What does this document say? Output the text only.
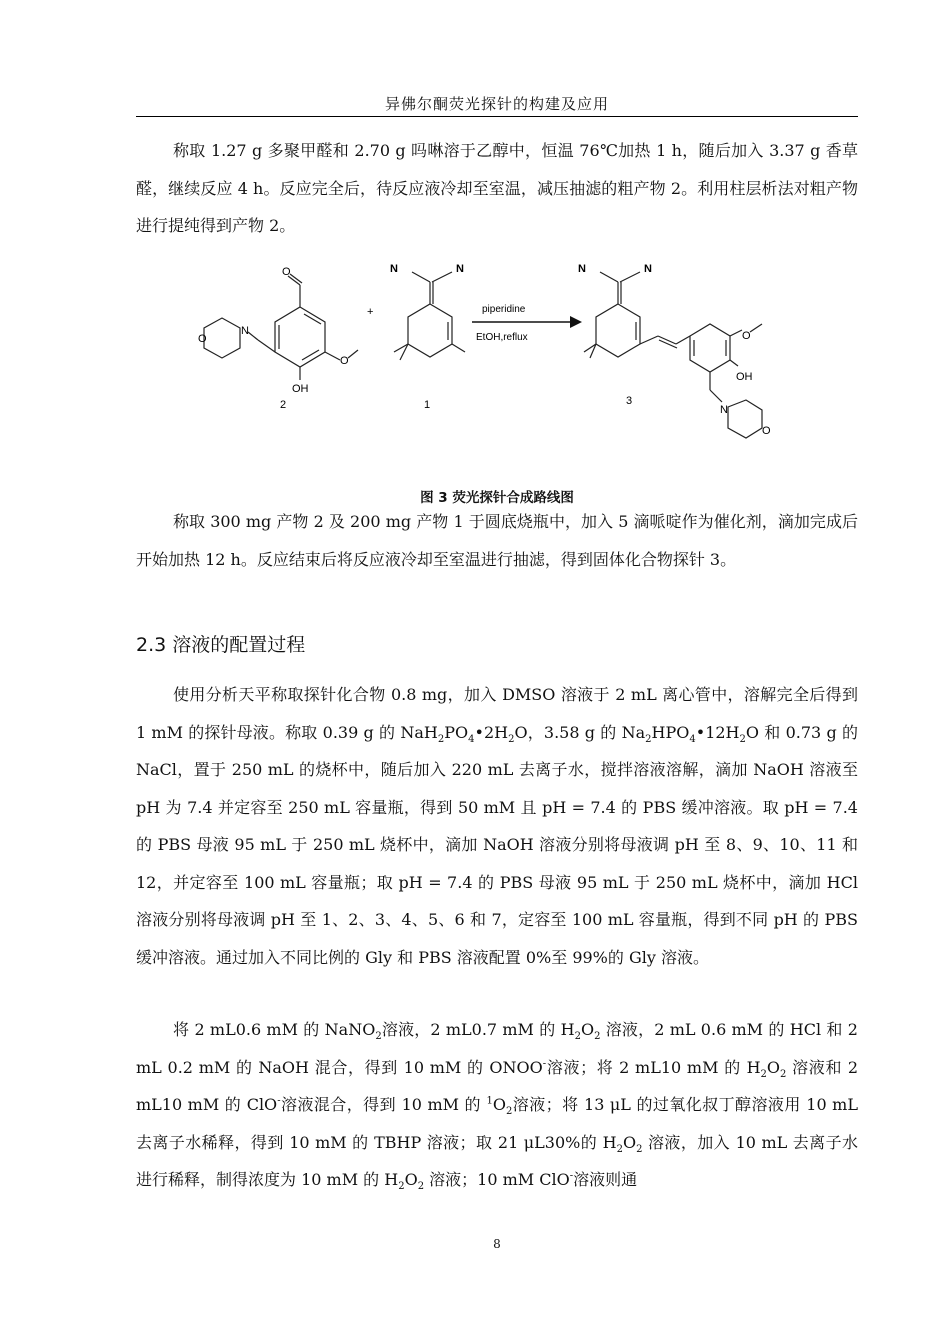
异佛尔酮荧光探针的构建及应用

称取 1.27 g 多聚甲醛和 2.70 g 吗啉溶于乙醇中，恒温 76℃加热 1 h，随后加入 3.37 g 香草醛，继续反应 4 h。反应完全后，待反应液冷却至室温，减压抽滤的粗产物 2。利用柱层析法对粗产物进行提纯得到产物 2。

O
O
OH
N
O
+
N	N
piperidine
EtOH,reflux
N	N
O
OH
N
O
2	1	3
图 3 荧光探针合成路线图

称取 300 mg 产物 2 及 200 mg 产物 1 于圆底烧瓶中，加入 5 滴哌啶作为催化剂，滴加完成后开始加热 12 h。反应结束后将反应液冷却至室温进行抽滤，得到固体化合物探针 3。

2.3 溶液的配置过程

使用分析天平称取探针化合物 0.8 mg，加入 DMSO 溶液于 2 mL 离心管中，溶解完全后得到 1 mM 的探针母液。称取 0.39 g 的 $NaH_2PO_4•2H_2O$，3.58 g 的 $Na_2HPO_4•12H_2O$ 和 0.73 g 的 NaCl，置于 250 mL 的烧杯中，随后加入 220 mL 去离子水，搅拌溶液溶解，滴加 NaOH 溶液至 pH 为 7.4 并定容至 250 mL 容量瓶，得到 50 mM 且 pH = 7.4 的 PBS 缓冲溶液。取 pH = 7.4 的 PBS 母液 95 mL 于 250 mL 烧杯中，滴加 NaOH 溶液分别将母液调 pH 至 8、9、10、11 和 12，并定容至 100 mL 容量瓶；取 pH = 7.4 的 PBS 母液 95 mL 于 250 mL 烧杯中，滴加 HCl 溶液分别将母液调 pH 至 1、2、3、4、5、6 和 7，定容至 100 mL 容量瓶，得到不同 pH 的 PBS 缓冲溶液。通过加入不同比例的 Gly 和 PBS 溶液配置 0%至 99%的 Gly 溶液。

将 2 mL0.6 mM 的 NaNO$_2$溶液，2 mL0.7 mM 的 $H_2O_2$ 溶液，2 mL 0.6 mM 的 HCl 和 2 mL 0.2 mM 的 NaOH 混合，得到 10 mM 的 ONOO-溶液；将 2 mL10 mM 的 $H_2O_2$ 溶液和 2 mL10 mM 的 ClO-溶液混合，得到 10 mM 的 $^1O_2$溶液；将 13 μL 的过氧化叔丁醇溶液用 10 mL 去离子水稀释，得到 10 mM 的 TBHP 溶液；取 21 μL30%的 $H_2O_2$ 溶液，加入 10 mL 去离子水进行稀释，制得浓度为 10 mM 的 $H_2O_2$ 溶液；10 mM ClO-溶液则通

8
